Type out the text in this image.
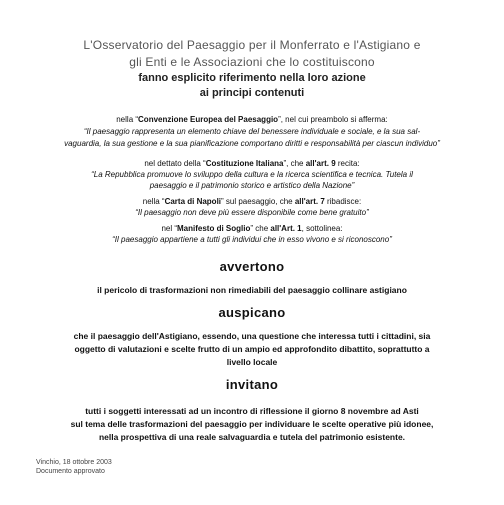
L'Osservatorio del Paesaggio per il Monferrato e l'Astigiano e
gli Enti e le Associazioni che lo costituiscono
fanno esplicito riferimento nella loro azione
ai principi contenuti
nella “Convenzione Europea del Paesaggio”, nel cui preambolo si afferma:
“Il paesaggio rappresenta un elemento chiave del benessere individuale e sociale, e la sua sal-
vaguardia, la sua gestione e la sua pianificazione comportano diritti e responsabilità per ciascun individuo”
nel dettato della “Costituzione Italiana”, che all'art. 9 recita:
“La Repubblica promuove lo sviluppo della cultura e la ricerca scientifica e tecnica. Tutela il
paesaggio e il patrimonio storico e artistico della Nazione”
nella “Carta di Napoli” sul paesaggio, che all'art. 7 ribadisce:
“Il paesaggio non deve più essere disponibile come bene gratuito”
nel “Manifesto di Soglio” che all'Art. 1, sottolinea:
“Il paesaggio appartiene a tutti gli individui che in esso vivono e si riconoscono”
avvertono
il pericolo di trasformazioni non rimediabili del paesaggio collinare astigiano
auspicano
che il paesaggio dell'Astigiano, essendo, una questione che interessa tutti i cittadini, sia
oggetto di valutazioni e scelte frutto di un ampio ed approfondito dibattito, soprattutto a
livello locale
invitano
tutti i soggetti interessati ad un incontro di riflessione il giorno 8 novembre ad Asti
sul tema delle trasformazioni del paesaggio per individuare le scelte operative più idonee,
nella prospettiva di una reale salvaguardia e tutela del patrimonio esistente.
Vinchio, 18 ottobre 2003
Documento approvato
